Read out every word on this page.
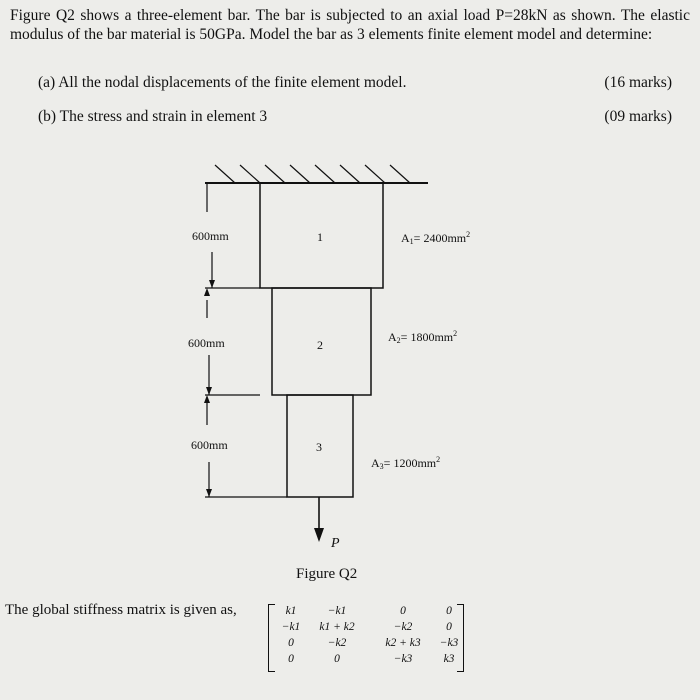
Figure Q2 shows a three-element bar. The bar is subjected to an axial load P=28kN as shown. The elastic modulus of the bar material is 50GPa. Model the bar as 3 elements finite element model and determine:
(a) All the nodal displacements of the finite element model.	(16 marks)
(b) The stress and strain in element 3	(09 marks)
600mm	1	$A_1= 2400mm^2$
600mm	2
$A_2= 1800mm^2$
600mm	3
$A_3= 1200mm^2$
P
Figure Q2
The global stiffness matrix is given as,	k1	−k1	0	0
−k1	k1 + k2	−k2	0
0	−k2	k2 + k3	−k3
0	0	−k3	k3
